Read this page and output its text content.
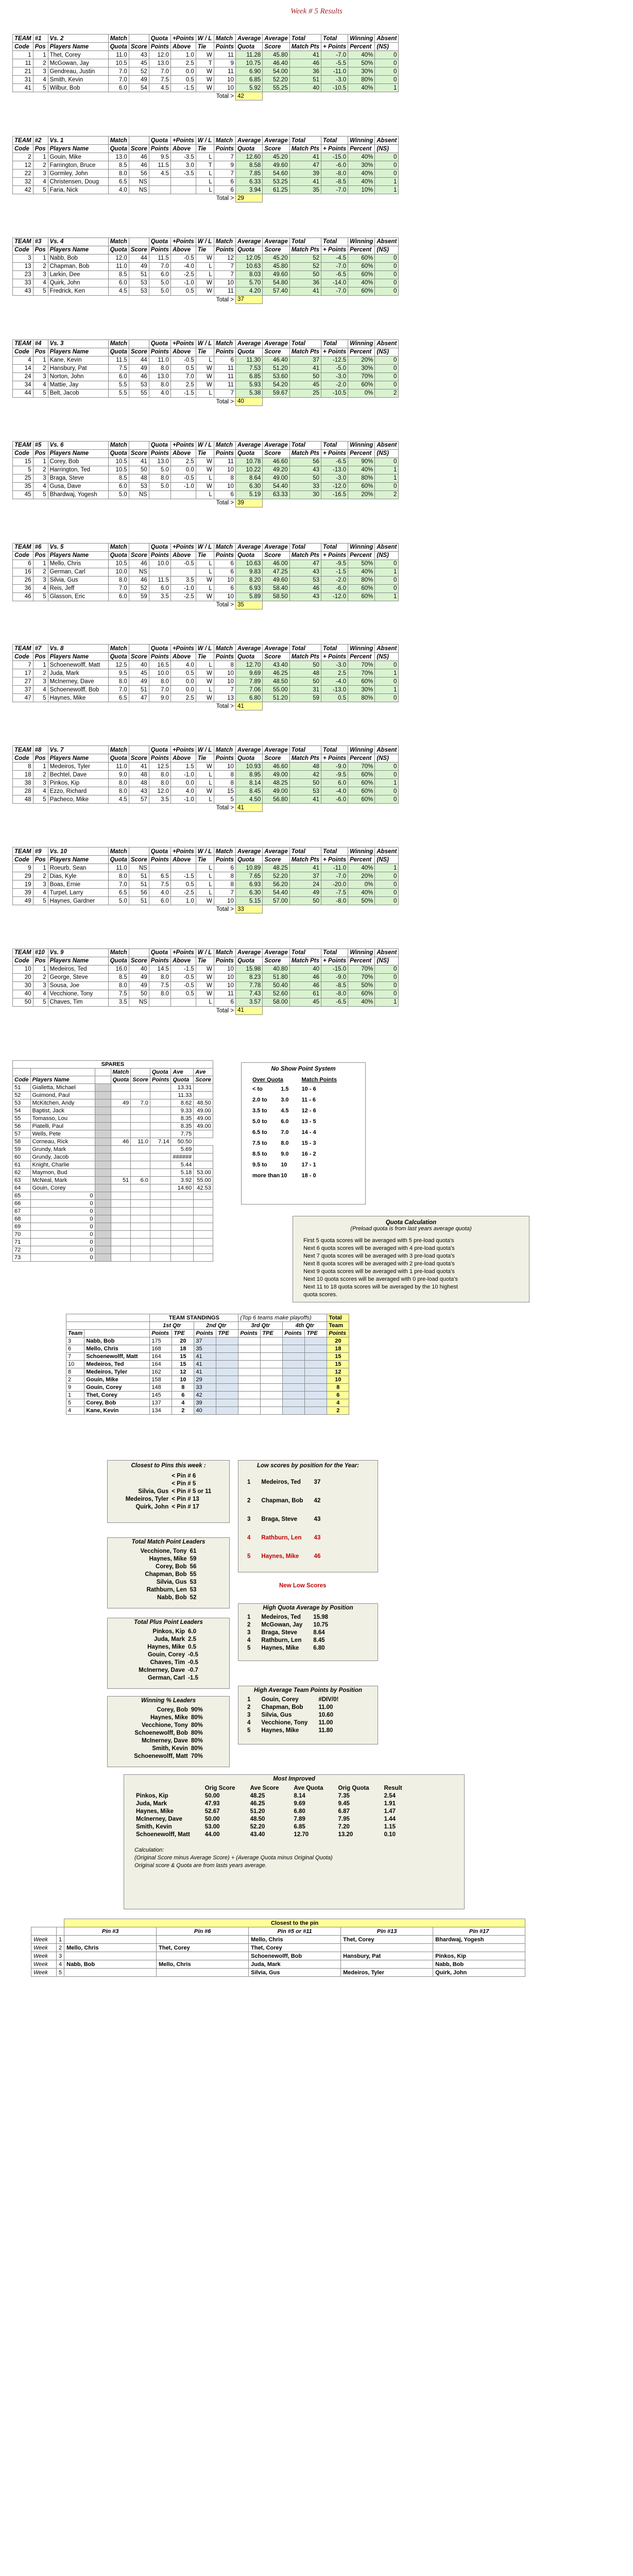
Week # 5 Results
TEAM	#1	Vs. 2	Match		Quota	+Points	W / L	Match	Average	Average	Total	Total	Winning	Absent
Code	Pos	Players Name	Quota	Score	Points	Above	Tie	Points	Quota	Score	Match Pts	+ Points	Percent	(NS)
1	1	Thet, Corey	11.0	43	12.0	1.0	W	11	11.28	45.80	41	-7.0	40%	0
11	2	McGowan, Jay	10.5	45	13.0	2.5	T	9	10.75	46.40	46	-5.5	50%	0
21	3	Gendreau, Justin	7.0	52	7.0	0.0	W	11	6.90	54.00	36	-11.0	30%	0
31	4	Smith, Kevin	7.0	49	7.5	0.5	W	10	6.85	52.20	51	-3.0	80%	0
41	5	Wilbur, Bob	6.0	54	4.5	-1.5	W	10	5.92	55.25	40	-10.5	40%	1
								Total >	42					
TEAM	#2	Vs. 1	Match		Quota	+Points	W / L	Match	Average	Average	Total	Total	Winning	Absent
Code	Pos	Players Name	Quota	Score	Points	Above	Tie	Points	Quota	Score	Match Pts	+ Points	Percent	(NS)
2	1	Gouin, Mike	13.0	46	9.5	-3.5	L	7	12.60	45.20	41	-15.0	40%	0
12	2	Farrington, Bruce	8.5	46	11.5	3.0	T	9	8.58	49.60	47	-6.0	30%	0
22	3	Gormley, John	8.0	56	4.5	-3.5	L	7	7.85	54.60	39	-8.0	40%	0
32	4	Christensen, Doug	6.5	NS			L	6	6.33	53.25	41	-8.5	40%	1
42	5	Faria, Nick	4.0	NS			L	6	3.94	61.25	35	-7.0	10%	1
								Total >	29					
TEAM	#3	Vs. 4	Match		Quota	+Points	W / L	Match	Average	Average	Total	Total	Winning	Absent
Code	Pos	Players Name	Quota	Score	Points	Above	Tie	Points	Quota	Score	Match Pts	+ Points	Percent	(NS)
3	1	Nabb, Bob	12.0	44	11.5	-0.5	W	12	12.05	45.20	52	-4.5	60%	0
13	2	Chapman, Bob	11.0	49	7.0	-4.0	L	7	10.63	45.80	52	-7.0	60%	0
23	3	Larkin, Dee	8.5	51	6.0	-2.5	L	7	8.03	49.60	50	-6.5	60%	0
33	4	Quirk, John	6.0	53	5.0	-1.0	W	10	5.70	54.80	36	-14.0	40%	0
43	5	Fredrick, Ken	4.5	53	5.0	0.5	W	11	4.20	57.40	41	-7.0	60%	0
								Total >	37					
TEAM	#4	Vs. 3	Match		Quota	+Points	W / L	Match	Average	Average	Total	Total	Winning	Absent
Code	Pos	Players Name	Quota	Score	Points	Above	Tie	Points	Quota	Score	Match Pts	+ Points	Percent	(NS)
4	1	Kane, Kevin	11.5	44	11.0	-0.5	L	6	11.30	46.40	37	-12.5	20%	0
14	2	Hansbury, Pat	7.5	49	8.0	0.5	W	11	7.53	51.20	41	-5.0	30%	0
24	3	Norton, John	6.0	46	13.0	7.0	W	11	6.85	53.60	50	-3.0	70%	0
34	4	Mattie, Jay	5.5	53	8.0	2.5	W	11	5.93	54.20	45	-2.0	60%	0
44	5	Belt, Jacob	5.5	55	4.0	-1.5	L	7	5.38	59.67	25	-10.5	0%	2
								Total >	40					
TEAM	#5	Vs. 6	Match		Quota	+Points	W / L	Match	Average	Average	Total	Total	Winning	Absent
Code	Pos	Players Name	Quota	Score	Points	Above	Tie	Points	Quota	Score	Match Pts	+ Points	Percent	(NS)
15	1	Corey, Bob	10.5	41	13.0	2.5	W	11	10.78	46.60	56	-6.5	90%	0
5	2	Harrington, Ted	10.5	50	5.0	0.0	W	10	10.22	49.20	43	-13.0	40%	1
25	3	Braga, Steve	8.5	48	8.0	-0.5	L	8	8.64	49.00	50	-3.0	80%	1
35	4	Gusa, Dave	6.0	53	5.0	-1.0	W	10	6.30	54.40	33	-12.0	60%	0
45	5	Bhardwaj, Yogesh	5.0	NS			L	6	5.19	63.33	30	-16.5	20%	2
								Total >	39					
TEAM	#6	Vs. 5	Match		Quota	+Points	W / L	Match	Average	Average	Total	Total	Winning	Absent
Code	Pos	Players Name	Quota	Score	Points	Above	Tie	Points	Quota	Score	Match Pts	+ Points	Percent	(NS)
6	1	Mello, Chris	10.5	46	10.0	-0.5	L	6	10.63	46.00	47	-9.5	50%	0
16	2	German, Carl	10.0	NS			L	6	9.83	47.25	43	-1.5	40%	1
26	3	Silvia, Gus	8.0	46	11.5	3.5	W	10	8.20	49.60	53	-2.0	80%	0
36	4	Reis, Jeff	7.0	52	6.0	-1.0	L	6	6.93	58.40	46	-6.0	60%	0
46	5	Glasson, Eric	6.0	59	3.5	-2.5	W	10	5.89	58.50	43	-12.0	60%	1
								Total >	35					
TEAM	#7	Vs. 8	Match		Quota	+Points	W / L	Match	Average	Average	Total	Total	Winning	Absent
Code	Pos	Players Name	Quota	Score	Points	Above	Tie	Points	Quota	Score	Match Pts	+ Points	Percent	(NS)
7	1	Schoenewolff, Matt	12.5	40	16.5	4.0	L	8	12.70	43.40	50	-3.0	70%	0
17	2	Juda, Mark	9.5	45	10.0	0.5	W	10	9.69	46.25	48	2.5	70%	1
27	3	McInerney, Dave	8.0	49	8.0	0.0	W	10	7.89	48.50	50	-4.0	60%	0
37	4	Schoenewolff, Bob	7.0	51	7.0	0.0	L	7	7.06	55.00	31	-13.0	30%	1
47	5	Haynes, Mike	6.5	47	9.0	2.5	W	13	6.80	51.20	59	0.5	80%	0
								Total >	41					
TEAM	#8	Vs. 7	Match		Quota	+Points	W / L	Match	Average	Average	Total	Total	Winning	Absent
Code	Pos	Players Name	Quota	Score	Points	Above	Tie	Points	Quota	Score	Match Pts	+ Points	Percent	(NS)
8	1	Medeiros, Tyler	11.0	41	12.5	1.5	W	10	10.93	46.60	48	-9.0	70%	0
18	2	Bechtel, Dave	9.0	48	8.0	-1.0	L	8	8.95	49.00	42	-9.5	60%	0
38	3	Pinkos, Kip	8.0	48	8.0	0.0	L	8	8.14	48.25	50	6.0	60%	1
28	4	Ezzo, Richard	8.0	43	12.0	4.0	W	15	8.45	49.00	53	-4.0	60%	0
48	5	Pacheco, Mike	4.5	57	3.5	-1.0	L	5	4.50	56.80	41	-6.0	60%	0
								Total >	41					
TEAM	#9	Vs. 10	Match		Quota	+Points	W / L	Match	Average	Average	Total	Total	Winning	Absent
Code	Pos	Players Name	Quota	Score	Points	Above	Tie	Points	Quota	Score	Match Pts	+ Points	Percent	(NS)
9	1	Roeurb, Sean	11.0	NS			L	6	10.89	48.25	41	-11.0	40%	1
29	2	Dias, Kyle	8.0	51	6.5	-1.5	L	8	7.65	52.20	37	-7.0	20%	0
19	3	Boas, Ernie	7.0	51	7.5	0.5	L	8	6.93	56.20	24	-20.0	0%	0
39	4	Turpel, Larry	6.5	56	4.0	-2.5	L	7	6.30	54.40	49	-7.5	40%	0
49	5	Haynes, Gardner	5.0	51	6.0	1.0	W	10	5.15	57.00	50	-8.0	50%	0
								Total >	33					
TEAM	#10	Vs. 9	Match		Quota	+Points	W / L	Match	Average	Average	Total	Total	Winning	Absent
Code	Pos	Players Name	Quota	Score	Points	Above	Tie	Points	Quota	Score	Match Pts	+ Points	Percent	(NS)
10	1	Medeiros, Ted	16.0	40	14.5	-1.5	W	10	15.98	40.80	40	-15.0	70%	0
20	2	George, Steve	8.5	49	8.0	-0.5	W	10	8.23	51.80	46	-9.0	70%	0
30	3	Sousa, Joe	8.0	49	7.5	-0.5	W	10	7.78	50.40	46	-8.5	50%	0
40	4	Vecchione, Tony	7.5	50	8.0	0.5	W	11	7.43	52.60	61	-8.0	60%	0
50	5	Chaves, Tim	3.5	NS			L	6	3.57	58.00	45	-6.5	40%	1
								Total >	41					
SPARES							
			Match		Quota	Ave	Ave
Code	Players Name		Quota	Score	Points	Quota	Score
51	Gialletta, Michael					13.31	
52	Guimond, Paul					11.33	
53	McKitchen, Andy		49	7.0		8.62	48.50
54	Baptist, Jack					9.33	49.00
55	Tomasso, Lou					8.35	49.00
56	Piatelli, Paul					8.35	49.00
57	Wells, Pete					7.75	
58	Corneau, Rick		46	11.0	7.14	50.50	
59	Grundy, Mark					5.69	
60	Grundy, Jacob					######	
61	Knight, Charlie					5.44	
62	Maymon, Bud					5.18	53.00
63	McNeal, Mark		51	6.0		3.92	55.00
64	Gouin, Corey					14.60	42.53
65	0						
66	0						
67	0						
68	0						
69	0						
70	0						
71	0						
72	0						
73	0						
No Show Point System
Over Quota		Match Points
< to	1.5	10 - 6
2.0 to	3.0	11 - 6
3.5 to	4.5	12 - 6
5.0 to	6.0	13 - 5
6.5 to	7.0	14 - 4
7.5 to	8.0	15 - 3
8.5 to	9.0	16 - 2
9.5 to	10	17 - 1
more than	10	18 - 0
Quota Calculation
(Preload quota is from last years average quota)
First 5 quota scores will be averaged with 5 pre-load quota's
Next 6 quota scores will be averaged with 4 pre-load quota's
Next 7 quota scores will be averaged with 3 pre-load quota's
Next 8 quota scores will be averaged with 2 pre-load quota's
Next 9 quota scores will be averaged with 1 pre-load quota's
Next 10 quota scores will be averaged with 0 pre-load quota's
Next 11 to 18 quota scores will be averaged by the 10 highest
quota scores.
		TEAM STANDINGS				(Top 6 teams make playoffs)				Total
		1st Qtr		2nd Qtr		3rd Qtr		4th Qtr		Team
Team		Points	TPE	Points	TPE	Points	TPE	Points	TPE	Points
3	Nabb, Bob	175	20	37						20
6	Mello, Chris	168	18	35						18
7	Schoenewolff, Matt	164	15	41						15
10	Medeiros, Ted	164	15	41						15
8	Medeiros, Tyler	162	12	41						12
2	Gouin, Mike	158	10	29						10
9	Gouin, Corey	148	8	33						8
1	Thet, Corey	145	6	42						6
5	Corey, Bob	137	4	39						4
4	Kane, Kevin	134	2	40						2
Closest to Pins this week :
	< Pin # 6
	< Pin # 5
Silvia, Gus	< Pin # 5 or 11
Medeiros, Tyler	< Pin # 13
Quirk, John	< Pin # 17
Low scores by position for the Year:
1	Medeiros, Ted	37
2	Chapman, Bob	42
3	Braga, Steve	43
4	Rathburn, Len	43
5	Haynes, Mike	46
Total Match Point Leaders
Vecchione, Tony	61
Haynes, Mike	59
Corey, Bob	56
Chapman, Bob	55
Silvia, Gus	53
Rathburn, Len	53
Nabb, Bob	52
New Low Scores
Total Plus Point Leaders
Pinkos, Kip	6.0
Juda, Mark	2.5
Haynes, Mike	0.5
Gouin, Corey	-0.5
Chaves, Tim	-0.5
McInerney, Dave	-0.7
German, Carl	-1.5
High Quota Average by Position
1	Medeiros, Ted	15.98
2	McGowan, Jay	10.75
3	Braga, Steve	8.64
4	Rathburn, Len	8.45
5	Haynes, Mike	6.80
Winning % Leaders
Corey, Bob	90%
Haynes, Mike	80%
Vecchione, Tony	80%
Schoenewolff, Bob	80%
McInerney, Dave	80%
Smith, Kevin	80%
Schoenewolff, Matt	70%
High Average Team Points by Position
1	Gouin, Corey	#DIV/0!
2	Chapman, Bob	11.00
3	Silvia, Gus	10.60
4	Vecchione, Tony	11.00
5	Haynes, Mike	11.80
Most Improved
	Orig Score	Ave Score	Ave Quota	Orig Quota	Result
Pinkos, Kip	50.00	48.25	8.14	7.35	2.54
Juda, Mark	47.93	46.25	9.69	9.45	1.91
Haynes, Mike	52.67	51.20	6.80	6.87	1.47
McInerney, Dave	50.00	48.50	7.89	7.95	1.44
Smith, Kevin	53.00	52.20	6.85	7.20	1.15
Schoenewolff, Matt	44.00	43.40	12.70	13.20	0.10
Calculation:
(Original Score minus Average Score) + (Average Quota minus Original Quota)
Original score & Quota are from lasts years average.
		Closest to the pin				
		Pin #3	Pin #6	Pin #5 or #11	Pin #13	Pin #17
Week	1			Mello, Chris	Thet, Corey	Bhardwaj, Yogesh
Week	2	Mello, Chris	Thet, Corey	Thet, Corey		
Week	3			Schoenewolff, Bob	Hansbury, Pat	Pinkos, Kip
Week	4	Nabb, Bob	Mello, Chris	Juda, Mark		Nabb, Bob
Week	5			Silvia, Gus	Medeiros, Tyler	Quirk, John
